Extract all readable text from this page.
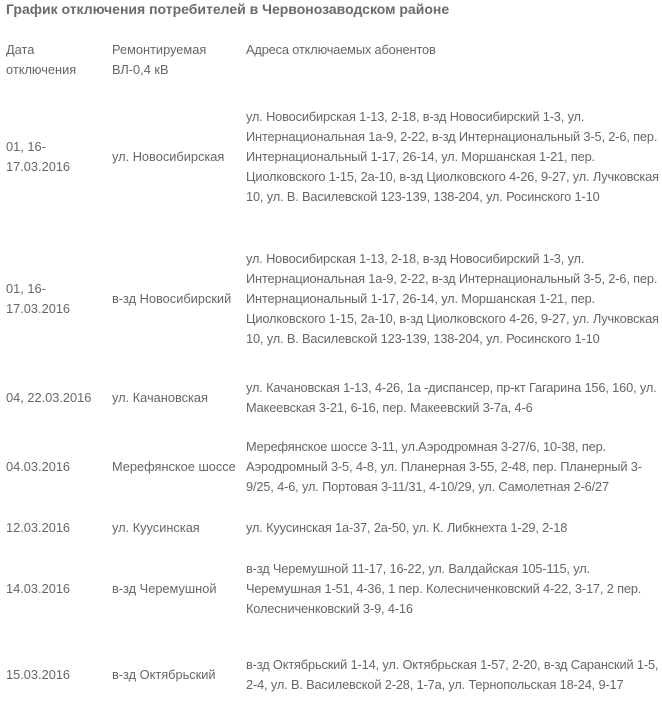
График отключения потребителей в Червонозаводском районе
Дата отключения	Ремонтируемая ВЛ-0,4 кВ	Адреса отключаемых абонентов
01, 16-17.03.2016	ул. Новосибирская	ул. Новосибирская 1-13, 2-18, в-зд Новосибирский 1-3, ул. Интернациональная 1а-9, 2-22, в-зд Интернациональный 3-5, 2-6, пер. Интернациональный 1-17, 26-14, ул. Моршанская 1-21, пер. Циолковского 1-15, 2а-10, в-зд Циолковского 4-26, 9-27, ул. Лучковская 10, ул. В. Василевской 123-139, 138-204, ул. Росинского 1-10
01, 16-17.03.2016	в-зд Новосибирский	ул. Новосибирская 1-13, 2-18, в-зд Новосибирский 1-3, ул. Интернациональная 1а-9, 2-22, в-зд Интернациональный 3-5, 2-6, пер. Интернациональный 1-17, 26-14, ул. Моршанская 1-21, пер. Циолковского 1-15, 2а-10, в-зд Циолковского 4-26, 9-27, ул. Лучковская 10, ул. В. Василевской 123-139, 138-204, ул. Росинского 1-10
04, 22.03.2016	ул. Качановская	ул. Качановская 1-13, 4-26, 1а -диспансер, пр-кт Гагарина 156, 160, ул. Макеевская 3-21, 6-16, пер. Макеевский 3-7а, 4-6
04.03.2016	Мерефянское шоссе	Мерефянское шоссе 3-11, ул.Аэродромная 3-27/6, 10-38, пер. Аэродромный 3-5, 4-8, ул. Планерная 3-55, 2-48, пер. Планерный 3-9/25, 4-6, ул. Портовая 3-11/31, 4-10/29, ул. Самолетная 2-6/27
12.03.2016	ул. Куусинская	ул. Куусинская 1а-37, 2а-50, ул. К. Либкнехта 1-29, 2-18
14.03.2016	в-зд Черемушной	в-зд Черемушной 11-17, 16-22, ул. Валдайская 105-115, ул. Черемушная 1-51, 4-36, 1 пер. Колесниченковский 4-22, 3-17, 2 пер. Колесниченковский 3-9, 4-16
15.03.2016	в-зд Октябрьский	в-зд Октябрьский 1-14, ул. Октябрьская 1-57, 2-20, в-зд Саранский 1-5, 2-4, ул. В. Василевской 2-28, 1-7а, ул. Тернопольская 18-24, 9-17
